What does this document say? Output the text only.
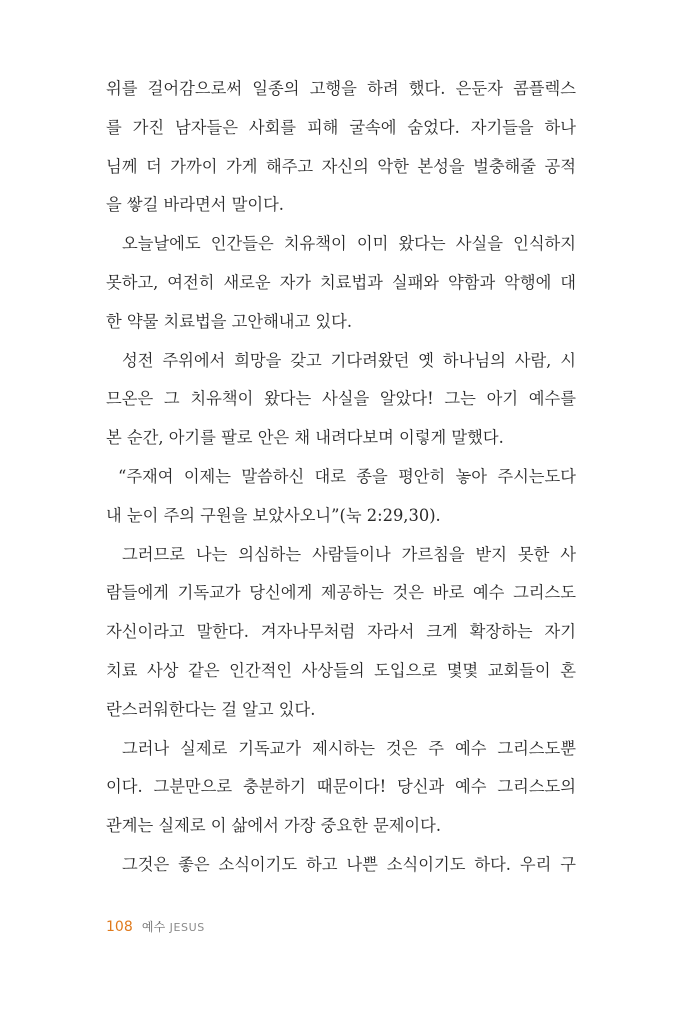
위를 걸어감으로써 일종의 고행을 하려 했다. 은둔자 콤플렉스
를 가진 남자들은 사회를 피해 굴속에 숨었다. 자기들을 하나
님께 더 가까이 가게 해주고 자신의 악한 본성을 벌충해줄 공적
을 쌓길 바라면서 말이다.
오늘날에도 인간들은 치유책이 이미 왔다는 사실을 인식하지
못하고, 여전히 새로운 자가 치료법과 실패와 약함과 악행에 대
한 약물 치료법을 고안해내고 있다.
성전 주위에서 희망을 갖고 기다려왔던 옛 하나님의 사람, 시
므온은 그 치유책이 왔다는 사실을 알았다! 그는 아기 예수를
본 순간, 아기를 팔로 안은 채 내려다보며 이렇게 말했다.
“주재여 이제는 말씀하신 대로 종을 평안히 놓아 주시는도다
내 눈이 주의 구원을 보았사오니”(눅 2:29,30).
그러므로 나는 의심하는 사람들이나 가르침을 받지 못한 사
람들에게 기독교가 당신에게 제공하는 것은 바로 예수 그리스도
자신이라고 말한다. 겨자나무처럼 자라서 크게 확장하는 자기
치료 사상 같은 인간적인 사상들의 도입으로 몇몇 교회들이 혼
란스러워한다는 걸 알고 있다.
그러나 실제로 기독교가 제시하는 것은 주 예수 그리스도뿐
이다. 그분만으로 충분하기 때문이다! 당신과 예수 그리스도의
관계는 실제로 이 삶에서 가장 중요한 문제이다.
그것은 좋은 소식이기도 하고 나쁜 소식이기도 하다. 우리 구
108 예수 JESUS
